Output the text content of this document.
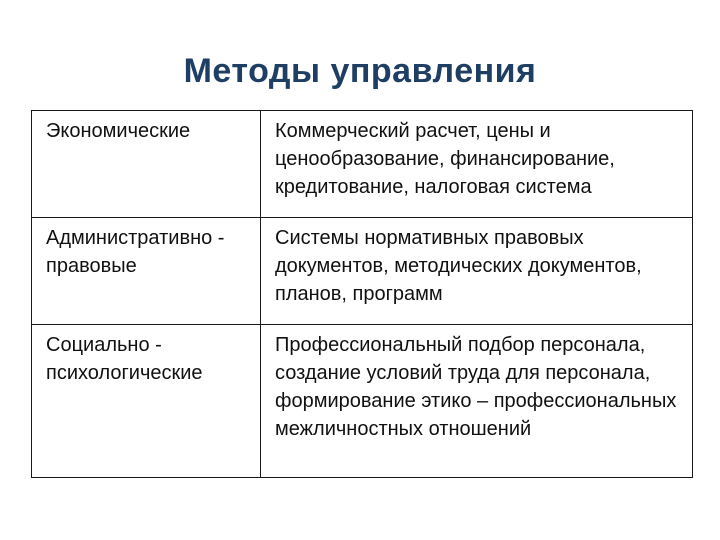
Методы управления
Экономические	Коммерческий расчет, цены и ценообразование, финансирование, кредитование, налоговая система

Административно - правовые	Системы нормативных правовых документов, методических документов, планов, программ

Социально - психологические	Профессиональный подбор персонала, создание условий труда для персонала, формирование этико – профессиональных межличностных отношений
